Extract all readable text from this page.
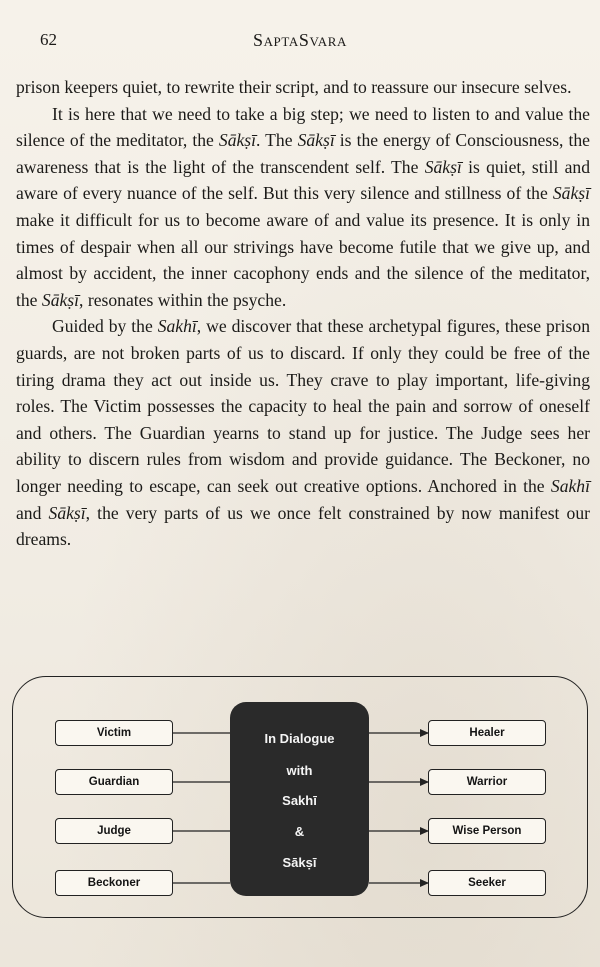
62	SaptaSvara

prison keepers quiet, to rewrite their script, and to reassure our insecure selves.

It is here that we need to take a big step; we need to listen to and value the silence of the meditator, the Sākṣī. The Sākṣī is the energy of Consciousness, the awareness that is the light of the transcendent self. The Sākṣī is quiet, still and aware of every nuance of the self. But this very silence and stillness of the Sākṣī make it difficult for us to become aware of and value its presence. It is only in times of despair when all our strivings have become futile that we give up, and almost by accident, the inner cacophony ends and the silence of the meditator, the Sākṣī, resonates within the psyche.

Guided by the Sakhī, we discover that these archetypal figures, these prison guards, are not broken parts of us to discard. If only they could be free of the tiring drama they act out inside us. They crave to play important, life-giving roles. The Victim possesses the capacity to heal the pain and sorrow of oneself and others. The Guardian yearns to stand up for justice. The Judge sees her ability to discern rules from wisdom and provide guidance. The Beckoner, no longer needing to escape, can seek out creative options. Anchored in the Sakhī and Sākṣī, the very parts of us we once felt constrained by now manifest our dreams.

Victim
Guardian
Judge
Beckoner
In Dialogue
with
Sakhī
&
Sākṣī
Healer
Warrior
Wise Person
Seeker
